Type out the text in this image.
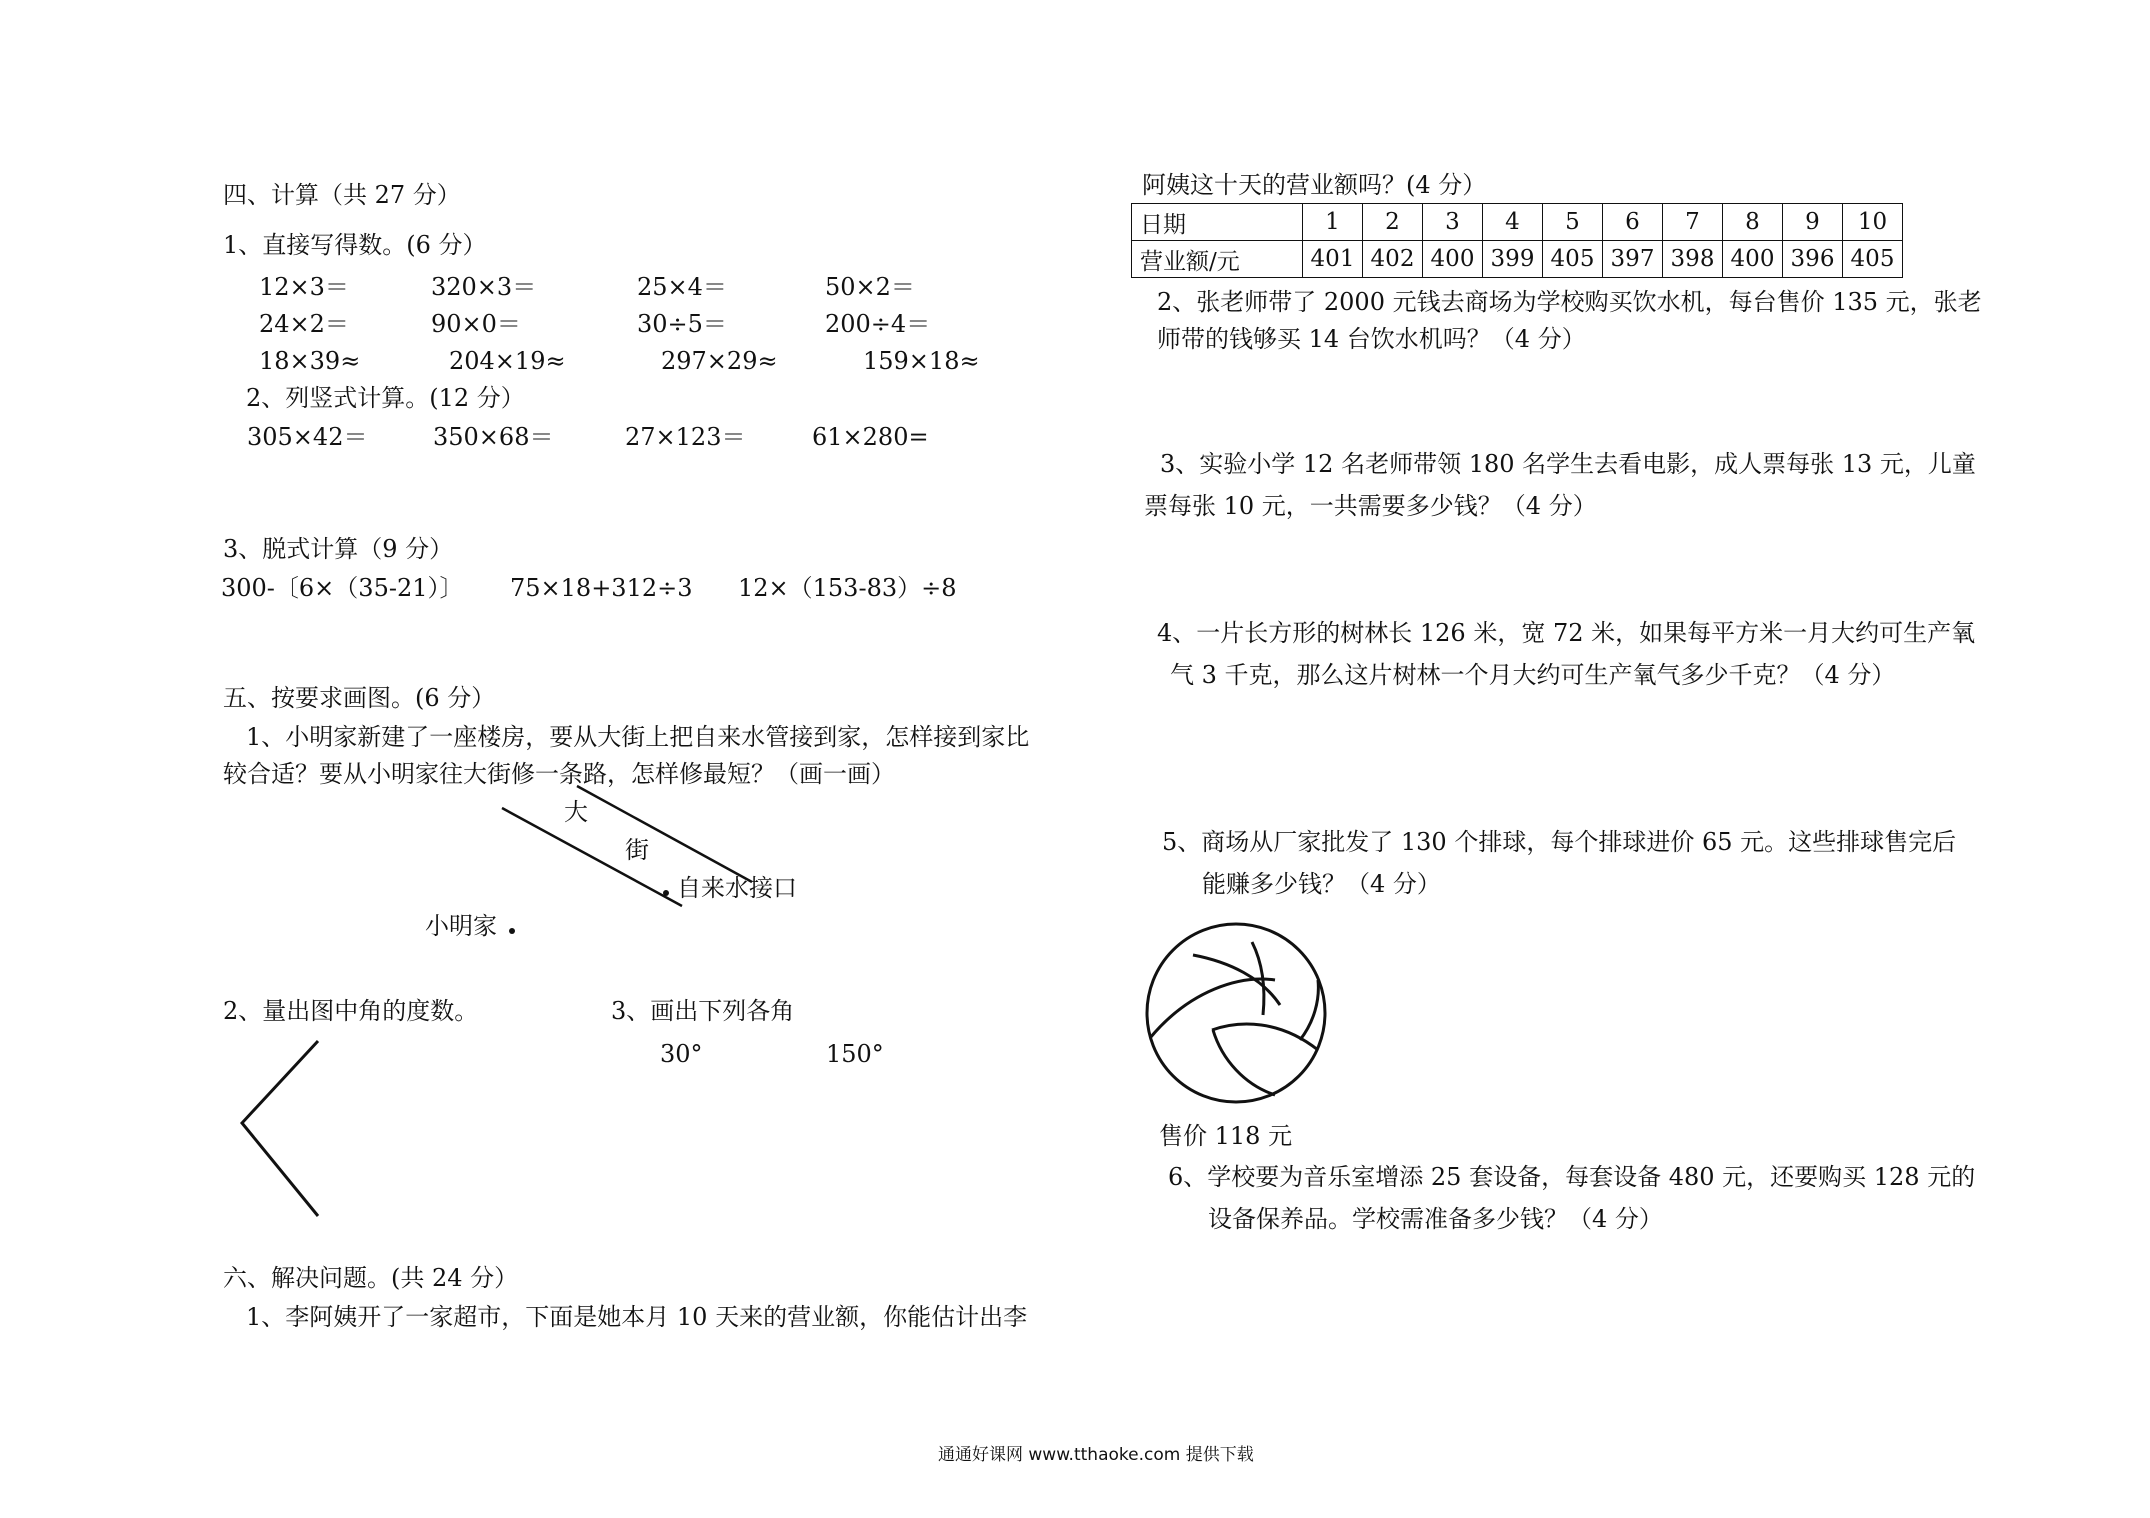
四、计算（共 27 分）
1、直接写得数。(6 分）
12×3＝	320×3＝	25×4＝	50×2＝
24×2＝	90×0＝	30÷5＝	200÷4＝
18×39≈	204×19≈	297×29≈	159×18≈
2、列竖式计算。(12 分）
305×42＝	350×68＝	27×123＝	61×280=
3、脱式计算（9 分）
300-〔6×（35-21）〕 75×18+312÷3 12×（153-83）÷8
五、按要求画图。(6 分）
1、小明家新建了一座楼房，要从大街上把自来水管接到家，怎样接到家比
较合适？要从小明家往大街修一条路，怎样修最短？（画一画）
大
街
自来水接口
小明家
2、量出图中角的度数。	3、画出下列各角
30°	150°
六、解决问题。(共 24 分）
1、李阿姨开了一家超市，下面是她本月 10 天来的营业额，你能估计出李
阿姨这十天的营业额吗？(4 分）
日期	1	2	3	4	5	6	7	8	9	10
营业额/元	401	402	400	399	405	397	398	400	396	405
2、张老师带了 2000 元钱去商场为学校购买饮水机，每台售价 135 元，张老
师带的钱够买 14 台饮水机吗？（4 分）
3、实验小学 12 名老师带领 180 名学生去看电影，成人票每张 13 元，儿童
票每张 10 元，一共需要多少钱？（4 分）
4、一片长方形的树林长 126 米，宽 72 米，如果每平方米一月大约可生产氧
气 3 千克，那么这片树林一个月大约可生产氧气多少千克？（4 分）
5、商场从厂家批发了 130 个排球，每个排球进价 65 元。这些排球售完后
能赚多少钱？（4 分）
售价 118 元
6、学校要为音乐室增添 25 套设备，每套设备 480 元，还要购买 128 元的
设备保养品。学校需准备多少钱？（4 分）
通通好课网 www.tthaoke.com 提供下载
